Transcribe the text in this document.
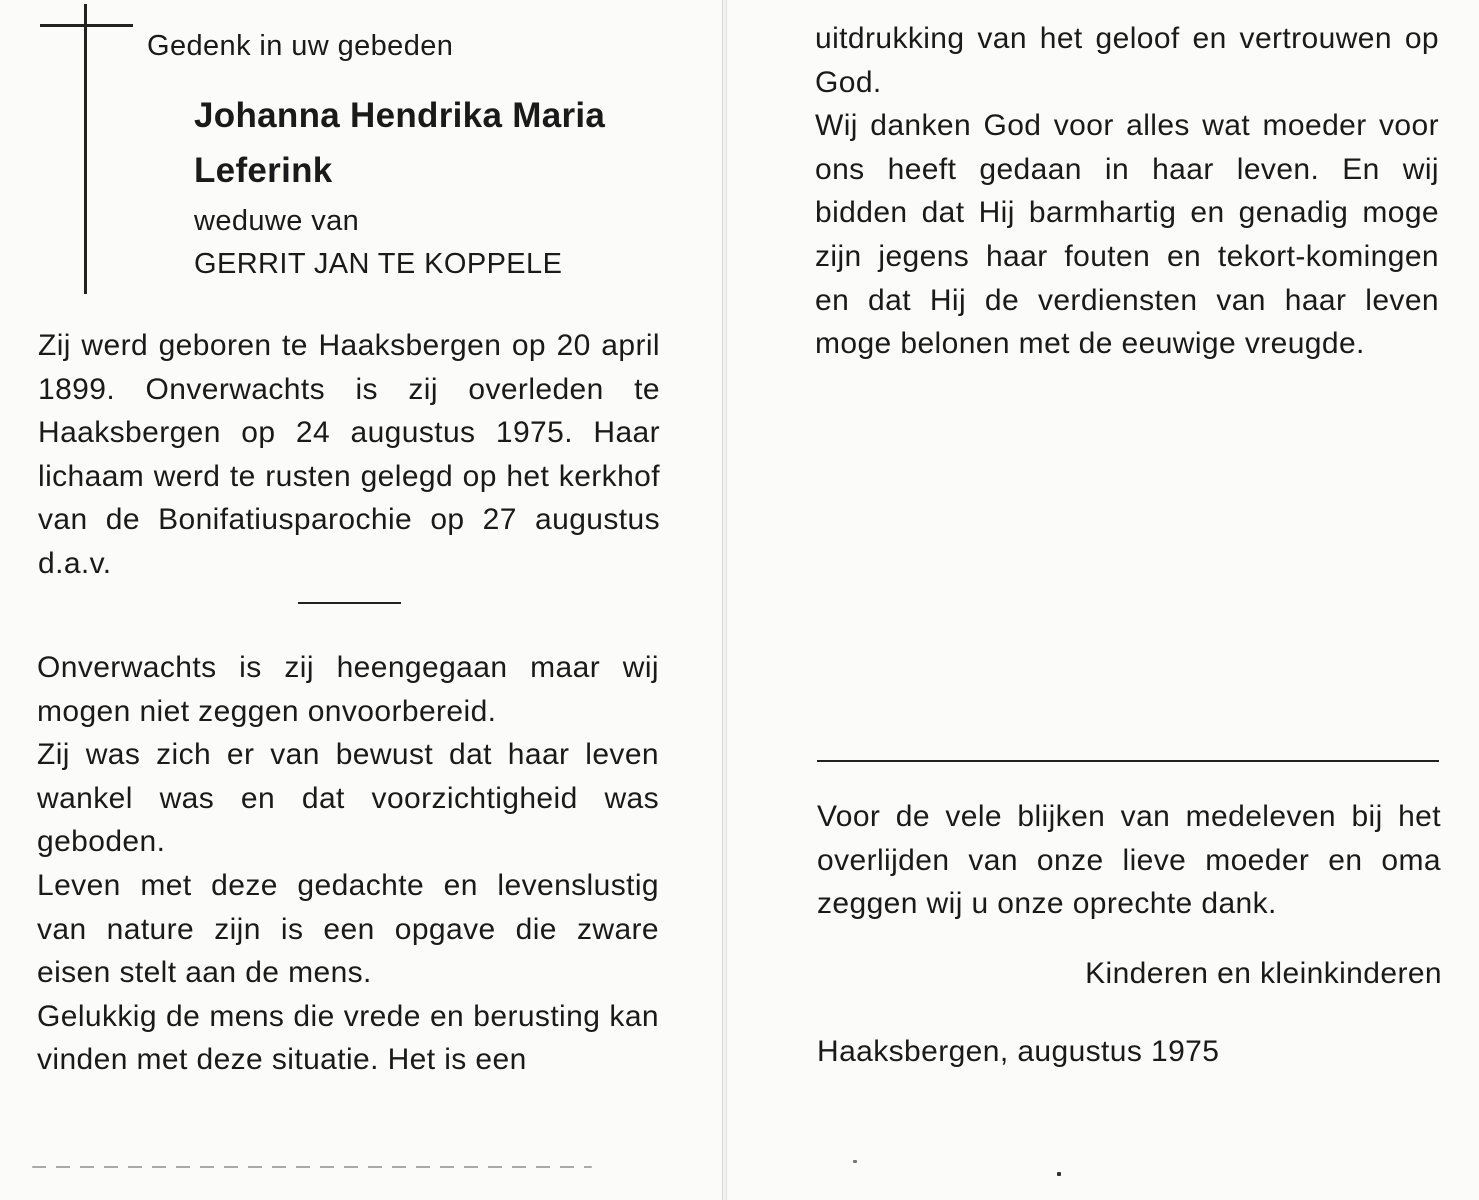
Gedenk in uw gebeden
Johanna Hendrika Maria
Leferink
weduwe van
GERRIT JAN TE KOPPELE
Zij werd geboren te Haaksbergen op 20 april 1899. Onverwachts is zij overleden te Haaksbergen op 24 augustus 1975. Haar lichaam werd te rusten gelegd op het kerkhof van de Bonifatiusparochie op 27 augustus d.a.v.
Onverwachts is zij heengegaan maar wij mogen niet zeggen onvoorbereid.
Zij was zich er van bewust dat haar leven wankel was en dat voorzichtigheid was geboden.
Leven met deze gedachte en levenslustig van nature zijn is een opgave die zware eisen stelt aan de mens.
Gelukkig de mens die vrede en berusting kan vinden met deze situatie. Het is een
uitdrukking van het geloof en vertrouwen op God.
Wij danken God voor alles wat moeder voor ons heeft gedaan in haar leven. En wij bidden dat Hij barmhartig en genadig moge zijn jegens haar fouten en tekort-komingen en dat Hij de verdiensten van haar leven moge belonen met de eeuwige vreugde.
Voor de vele blijken van medeleven bij het overlijden van onze lieve moeder en oma zeggen wij u onze oprechte dank.
Kinderen en kleinkinderen
Haaksbergen, augustus 1975
